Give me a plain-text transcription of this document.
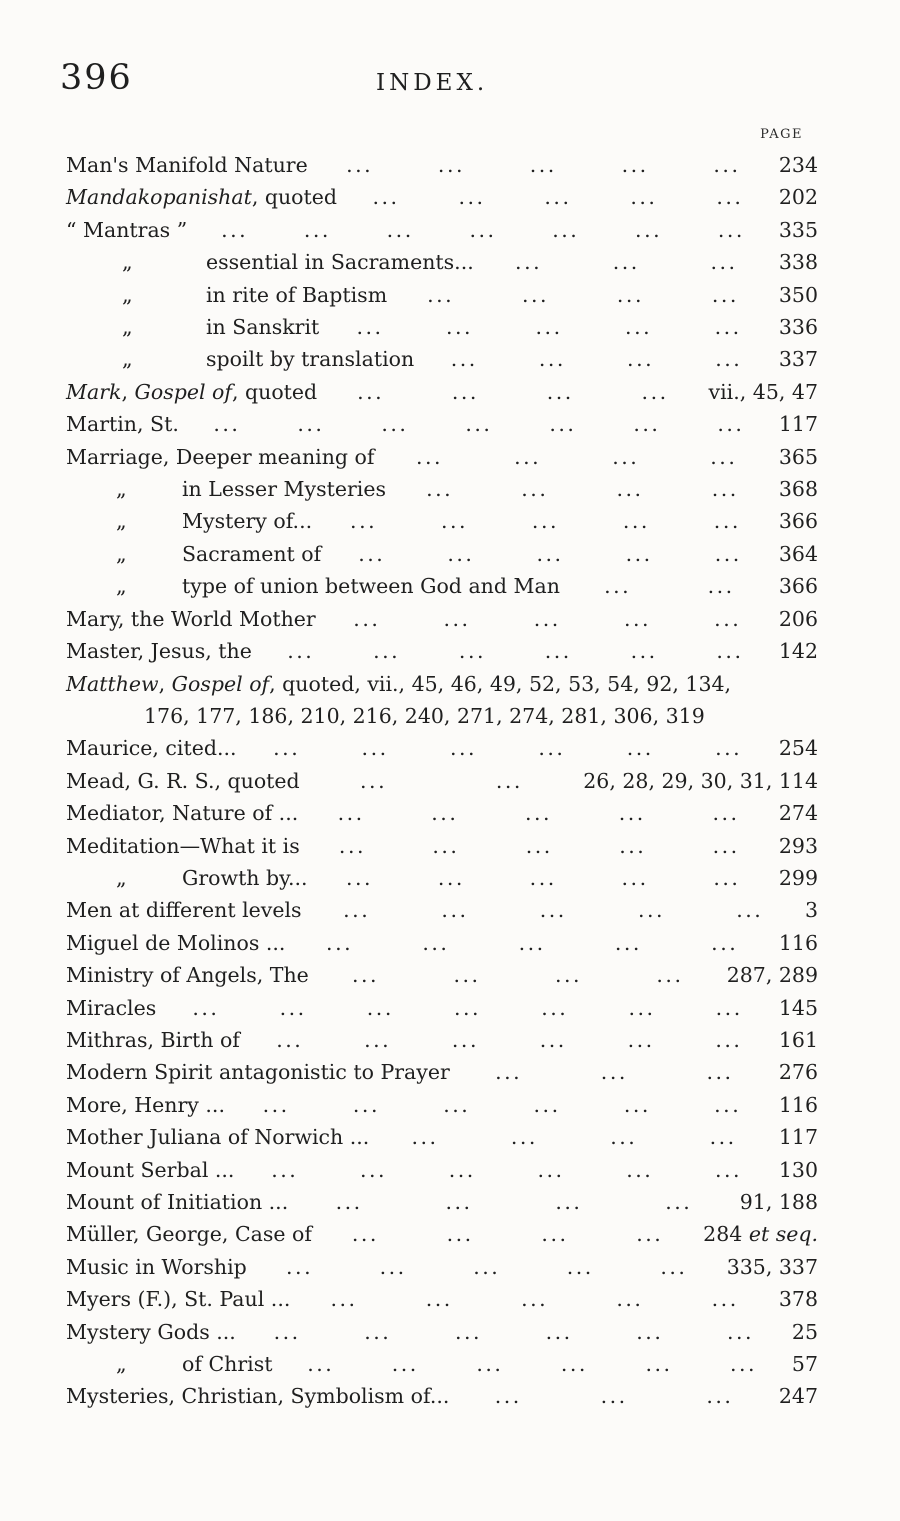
396	INDEX.
PAGE
Man's Manifold Nature ...	...	...	...	... 234
Mandakopanishat, quoted ...	...	...	...	... 202
“ Mantras ” ...	...	...	...	...	...	... 335
„	essential in Sacraments... ...	...	... 338
„	in rite of Baptism ...	...	...	... 350
„	in Sanskrit ...	...	...	...	... 336
„	spoilt by translation ...	...	...	... 337
Mark, Gospel of, quoted ...	...	...	... vii., 45, 47
Martin, St. ...	...	...	...	...	...	... 117
Marriage, Deeper meaning of ...	...	...	... 365
„	in Lesser Mysteries ...	...	...	... 368
„	Mystery of... ...	...	...	...	... 366
„	Sacrament of ...	...	...	...	... 364
„	type of union between God and Man ...	... 366
Mary, the World Mother ...	...	...	...	... 206
Master, Jesus, the ...	...	...	...	...	... 142
Matthew, Gospel of, quoted, vii., 45, 46, 49, 52, 53, 54, 92, 134,
176, 177, 186, 210, 216, 240, 271, 274, 281, 306, 319
Maurice, cited... ...	...	...	...	...	... 254
Mead, G. R. S., quoted	...	...	26, 28, 29, 30, 31, 114
Mediator, Nature of ... ...	...	...	...	... 274
Meditation—What it is ...	...	...	...	... 293
„	Growth by... ...	...	...	...	... 299
Men at different levels ...	...	...	...	... 3
Miguel de Molinos ... ...	...	...	...	... 116
Ministry of Angels, The ...	...	...	... 287, 289
Miracles ...	...	...	...	...	...	... 145
Mithras, Birth of ...	...	...	...	...	... 161
Modern Spirit antagonistic to Prayer ...	...	... 276
More, Henry ... ...	...	...	...	...	... 116
Mother Juliana of Norwich ... ...	...	...	... 117
Mount Serbal ... ...	...	...	...	...	... 130
Mount of Initiation ... ...	...	...	... 91, 188
Müller, George, Case of ...	...	...	... 284 et seq.
Music in Worship ...	...	...	...	... 335, 337
Myers (F.), St. Paul ... ...	...	...	...	... 378
Mystery Gods ... ...	...	...	...	...	... 25
„	of Christ ...	...	...	...	...	... 57
Mysteries, Christian, Symbolism of... ...	...	... 247
